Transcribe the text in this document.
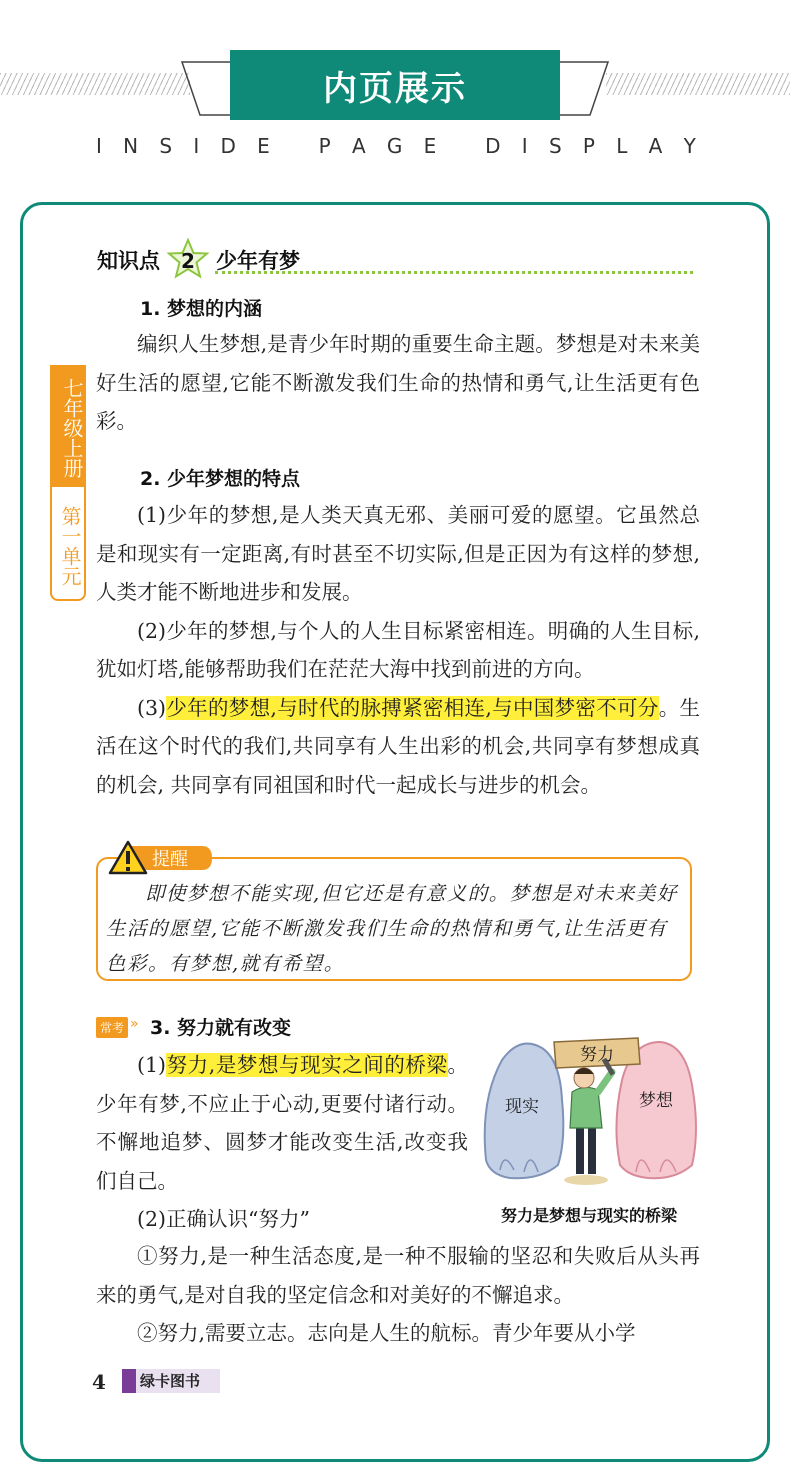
内页展示
I N S I D E
P A G E
D I S P L A Y
七年级上册
第一单元
知识点	2	少年有梦
1. 梦想的内涵

编织人生梦想,是青少年时期的重要生命主题。梦想是对未来美好生活的愿望,它能不断激发我们生命的热情和勇气,让生活更有色彩。

2. 少年梦想的特点

(1)少年的梦想,是人类天真无邪、美丽可爱的愿望。它虽然总是和现实有一定距离,有时甚至不切实际,但是正因为有这样的梦想,人类才能不断地进步和发展。

(2)少年的梦想,与个人的人生目标紧密相连。明确的人生目标,犹如灯塔,能够帮助我们在茫茫大海中找到前进的方向。

(3)少年的梦想,与时代的脉搏紧密相连,与中国梦密不可分。生活在这个时代的我们,共同享有人生出彩的机会,共同享有梦想成真的机会, 共同享有同祖国和时代一起成长与进步的机会。

提醒
即使梦想不能实现,但它还是有意义的。梦想是对未来美好生活的愿望,它能不断激发我们生命的热情和勇气,让生活更有色彩。有梦想,就有希望。
常考 » 3. 努力就有改变

(1)努力,是梦想与现实之间的桥梁。少年有梦,不应止于心动,更要付诸行动。不懈地追梦、圆梦才能改变生活,改变我们自己。

(2)正确认识“努力”

①努力,是一种生活态度,是一种不服输的坚忍和失败后从头再来的勇气,是对自我的坚定信念和对美好的不懈追求。

②努力,需要立志。志向是人生的航标。青少年要从小学

现实	梦想
努力
努力是梦想与现实的桥梁
4 绿卡图书
